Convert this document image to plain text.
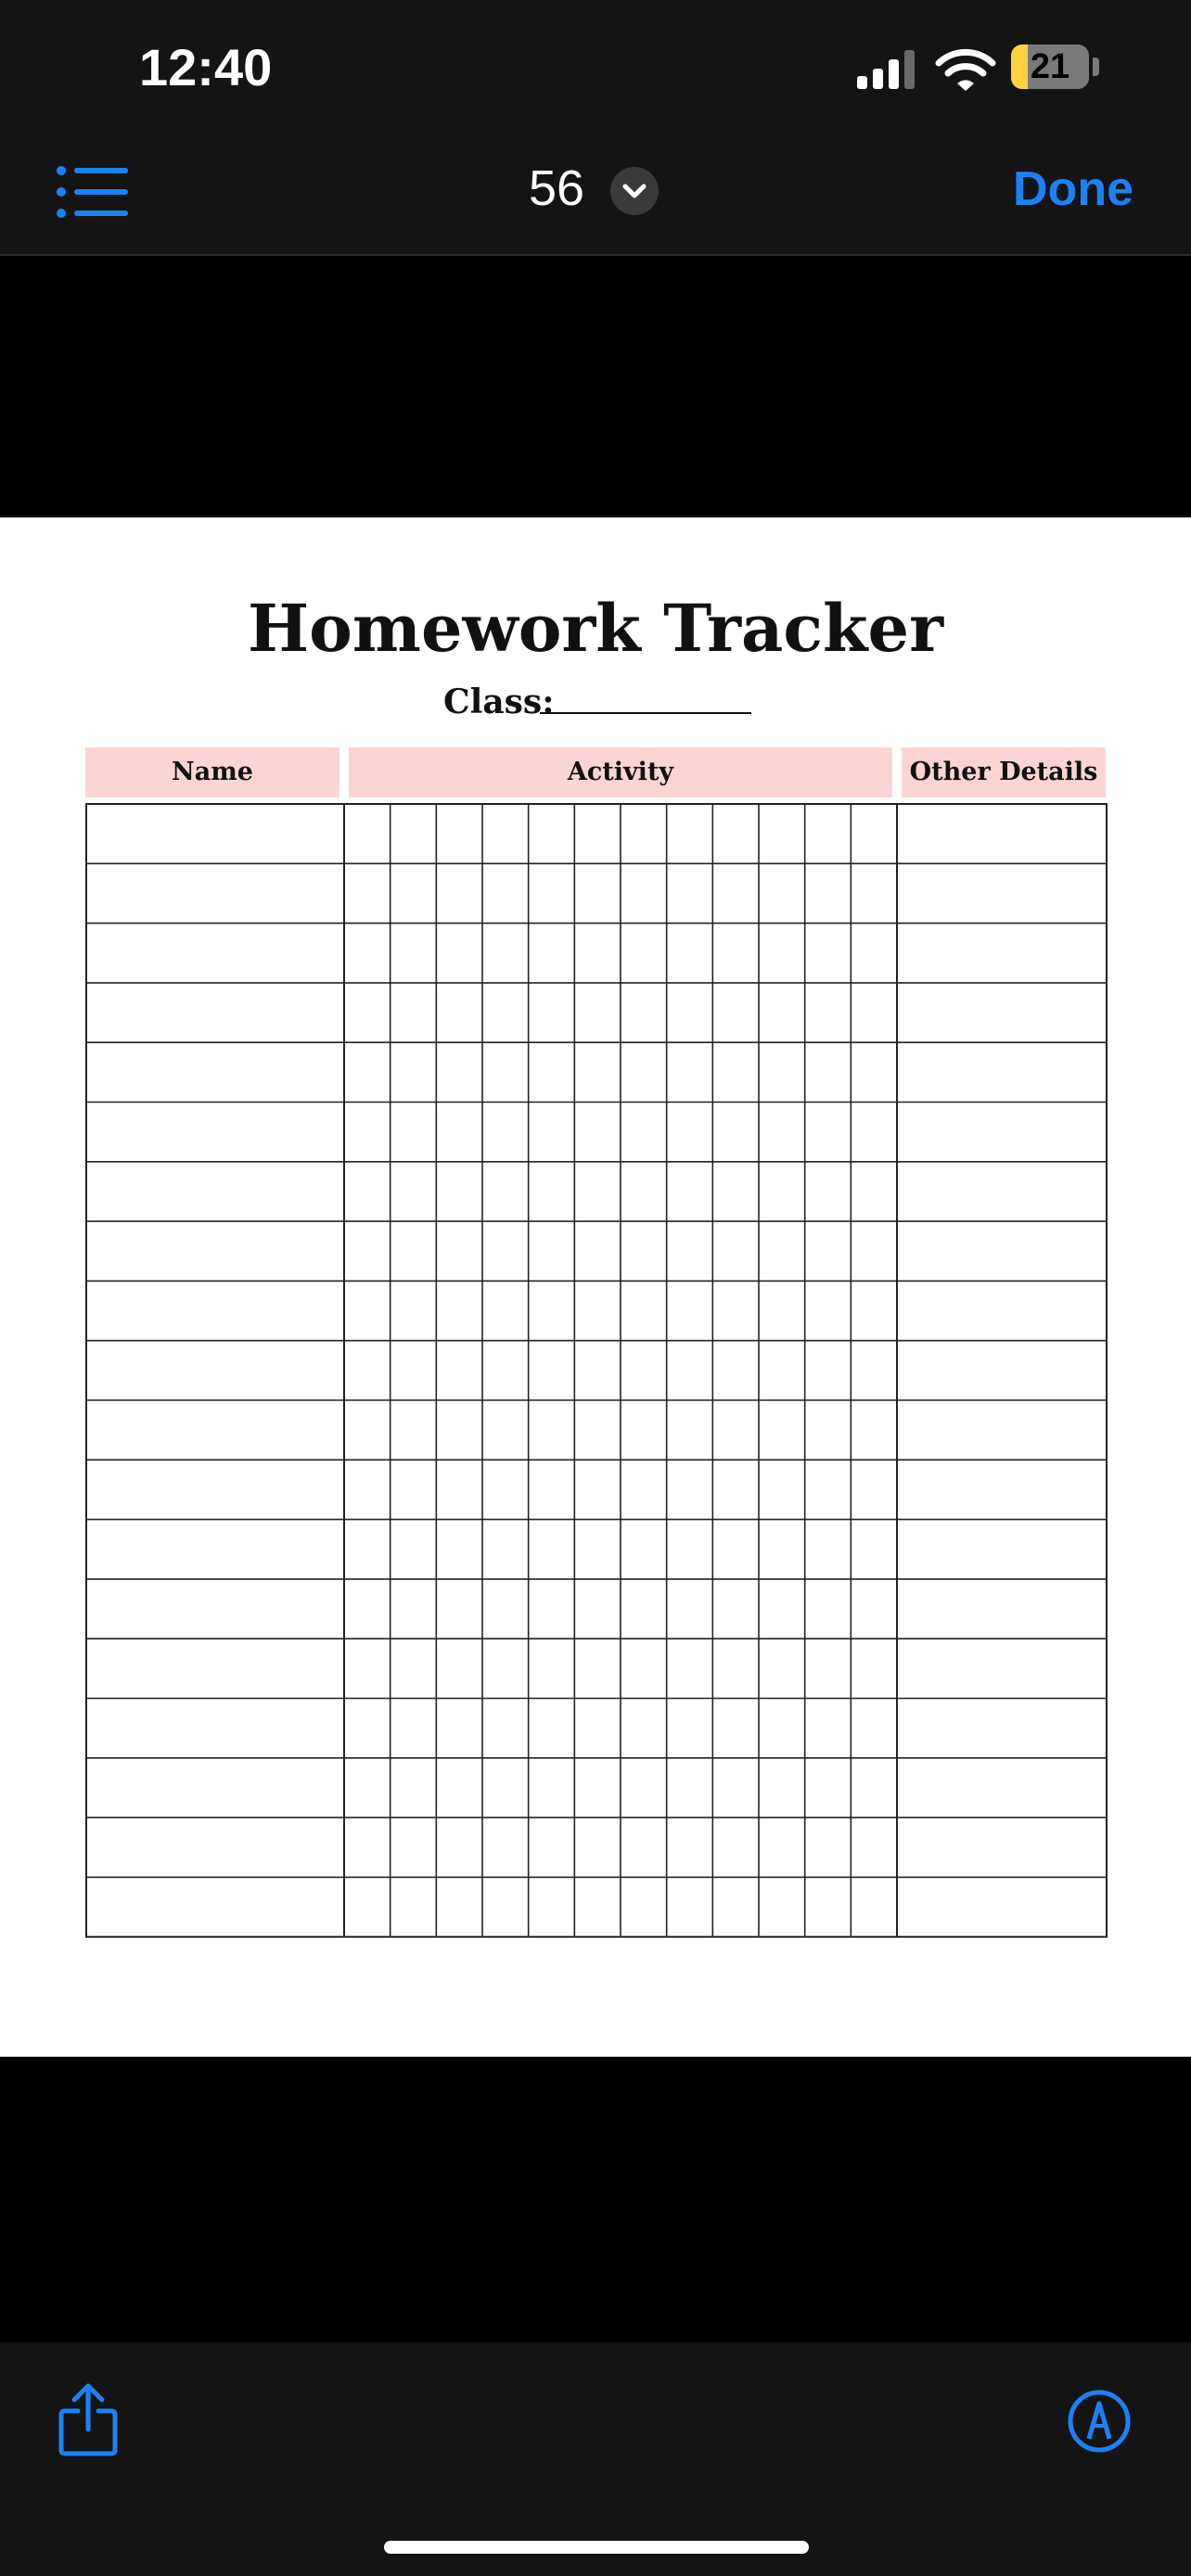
12:40	21
56	Done
Homework Tracker
Class:
Name	Activity	Other Details
